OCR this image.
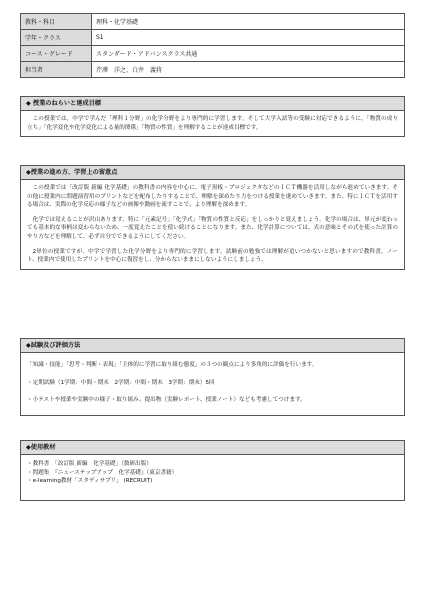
教科・科目	理科・化学基礎
学年・クラス	S1
コース・グレード	スタンダード・アドバンスクラス共通
担当者	芹澤　洋之、白井　義将
◆ 授業のねらいと達成目標

この授業では，中学で学んだ「理科１分野」の化学分野をより専門的に学習します。そして大学入試等の受験に対応できるように，「物質の成り立ち」「化学変化や化学変化による量的関係」「物質の性質」を理解することが達成目標です。

◆授業の進め方、学習上の留意点

この授業では「改訂版 新編 化学基礎」の教科書の内容を中心に、電子黒板・プロジェクタなどのＩＣＴ機器を活用しながら進めていきます。その他に授業内に問題演習用のプリントなどを配布したりすることで、理解を深めたり力をつける授業を進めていきます。また、特にＩＣＴを活用する場合は、実際の化学反応の様子などの画像や動画を流すことで、より理解を深めます。

化学では覚えることが沢山あります。特に「元素記号」「化学式」「物質の性質と反応」をしっかりと覚えましょう。化学の場合は、単元が変わっても基本的な事柄は変わらないため、一度覚えたことを使い続けることになります。また、化学計算については、式の意味とその式を使った計算のやり方などを理解して、必ず自分でできるようにしてください。

2単位の授業ですが、中学で学習した化学分野をより専門的に学習します。試験前の勉強では理解が追いつかないと思いますので教科書、ノート、授業内で使用したプリントを中心に復習をし、分からないままにしないようにしましょう。

◆試験及び評価方法

「知識・技能」「思考・判断・表現」「主体的に学習に取り組む態度」の３つの観点により多角的に評価を行います。

・定期試験（1学期：中間・期末　2学期：中間・期末　3学期：期末）5回

・小テストや授業や実験中の様子・取り組み、提出物（実験レポート、授業ノート）なども考慮してつけます。

◆使用教材
・教科書　「改訂版 新編　化学基礎」（数研出版）
・問題集　『ニューステップアップ　化学基礎』（東京書籍）
・e-learning教材「スタディサプリ」 (RECRUIT)
